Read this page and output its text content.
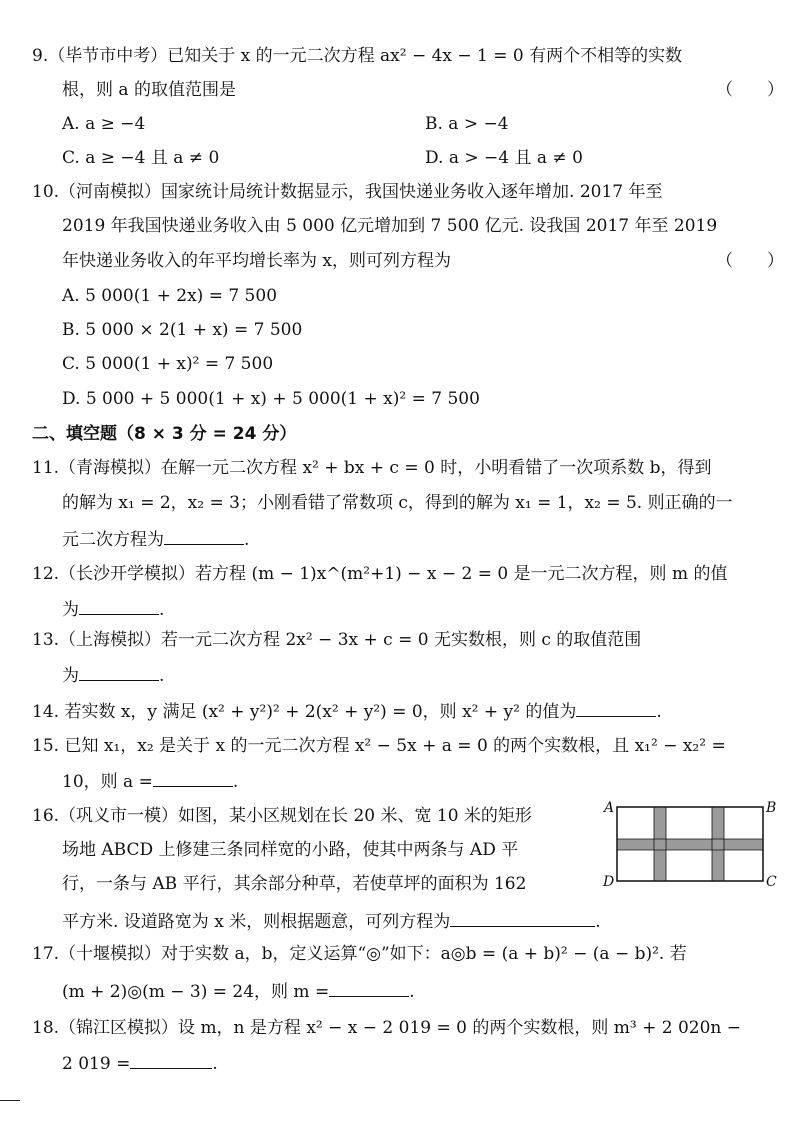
9.（毕节市中考）已知关于 x 的一元二次方程 ax² − 4x − 1 = 0 有两个不相等的实数
根，则 a 的取值范围是	（　　）
A. a ≥ −4	B. a > −4
C. a ≥ −4 且 a ≠ 0	D. a > −4 且 a ≠ 0
10.（河南模拟）国家统计局统计数据显示，我国快递业务收入逐年增加. 2017 年至
2019 年我国快递业务收入由 5 000 亿元增加到 7 500 亿元. 设我国 2017 年至 2019
年快递业务收入的年平均增长率为 x，则可列方程为	（　　）
A. 5 000(1 + 2x) = 7 500
B. 5 000 × 2(1 + x) = 7 500
C. 5 000(1 + x)² = 7 500
D. 5 000 + 5 000(1 + x) + 5 000(1 + x)² = 7 500
二、填空题（8 × 3 分 = 24 分）
11.（青海模拟）在解一元二次方程 x² + bx + c = 0 时，小明看错了一次项系数 b，得到
的解为 x₁ = 2，x₂ = 3；小刚看错了常数项 c，得到的解为 x₁ = 1，x₂ = 5. 则正确的一
元二次方程为	.
12.（长沙开学模拟）若方程 (m − 1)x^(m²+1) − x − 2 = 0 是一元二次方程，则 m 的值
为	.
13.（上海模拟）若一元二次方程 2x² − 3x + c = 0 无实数根，则 c 的取值范围
为	.
14. 若实数 x，y 满足 (x² + y²)² + 2(x² + y²) = 0，则 x² + y² 的值为	.
15. 已知 x₁，x₂ 是关于 x 的一元二次方程 x² − 5x + a = 0 的两个实数根，且 x₁² − x₂² =
10，则 a =	.
16.（巩义市一模）如图，某小区规划在长 20 米、宽 10 米的矩形
场地 ABCD 上修建三条同样宽的小路，使其中两条与 AD 平
行，一条与 AB 平行，其余部分种草，若使草坪的面积为 162
平方米. 设道路宽为 x 米，则根据题意，可列方程为	.
A	B
D	C
17.（十堰模拟）对于实数 a，b，定义运算“◎”如下：a◎b = (a + b)² − (a − b)². 若
(m + 2)◎(m − 3) = 24，则 m =	.
18.（锦江区模拟）设 m，n 是方程 x² − x − 2 019 = 0 的两个实数根，则 m³ + 2 020n −
2 019 =	.
